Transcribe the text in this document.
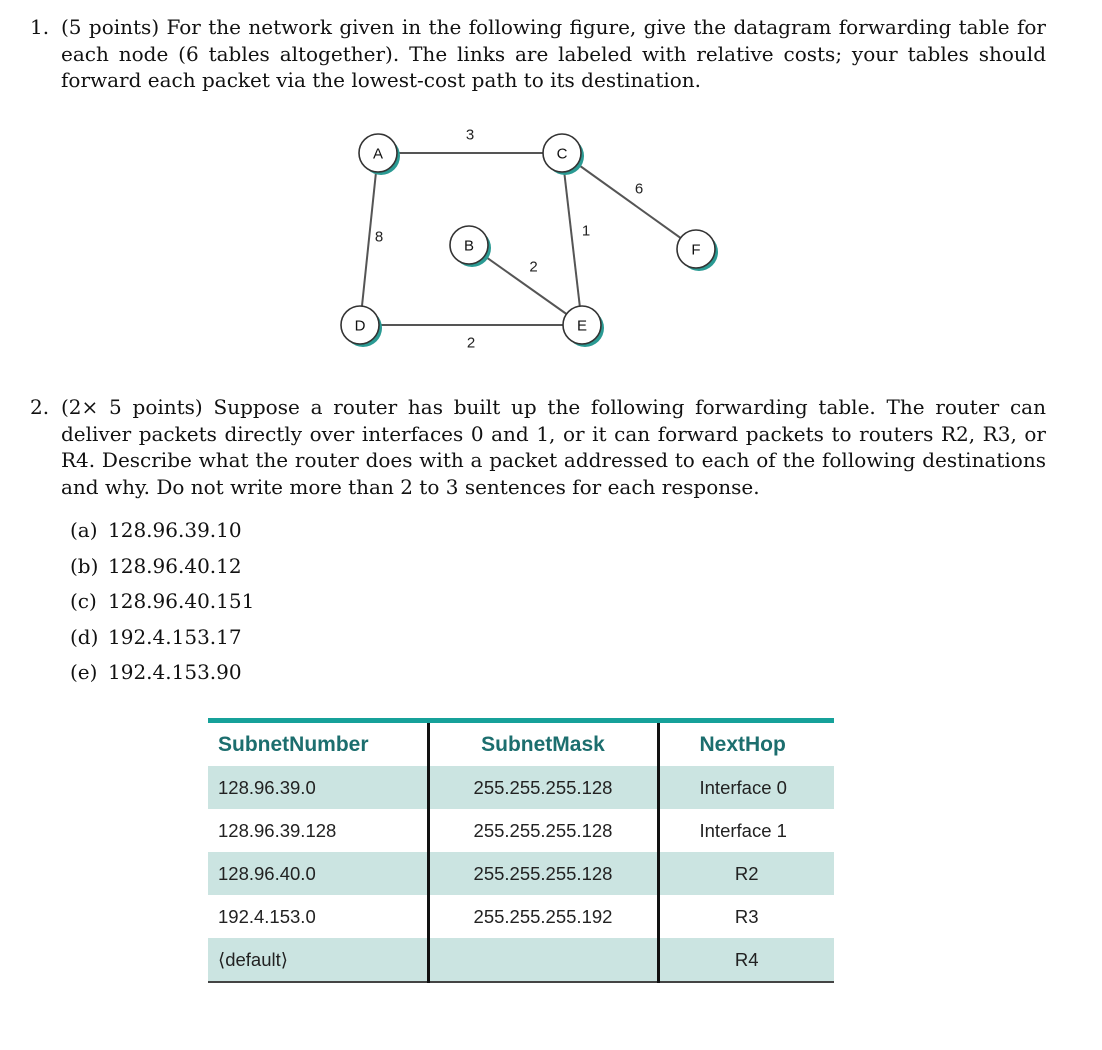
1. (5 points) For the network given in the following figure, give the datagram forwarding table for each node (6 tables altogether). The links are labeled with relative costs; your tables should forward each packet via the lowest-cost path to its destination.
3
8
6
1
2
2
A
B
C
D	E
F
2. (2× 5 points) Suppose a router has built up the following forwarding table. The router can deliver packets directly over interfaces 0 and 1, or it can forward packets to routers R2, R3, or R4. Describe what the router does with a packet addressed to each of the following destinations and why. Do not write more than 2 to 3 sentences for each response.
(a) 128.96.39.10
(b) 128.96.40.12
(c) 128.96.40.151
(d) 192.4.153.17
(e) 192.4.153.90
SubnetNumber	SubnetMask	NextHop
128.96.39.0	255.255.255.128	Interface 0
128.96.39.128	255.255.255.128	Interface 1
128.96.40.0	255.255.255.128	R2
192.4.153.0	255.255.255.192	R3
⟨default⟩		R4
